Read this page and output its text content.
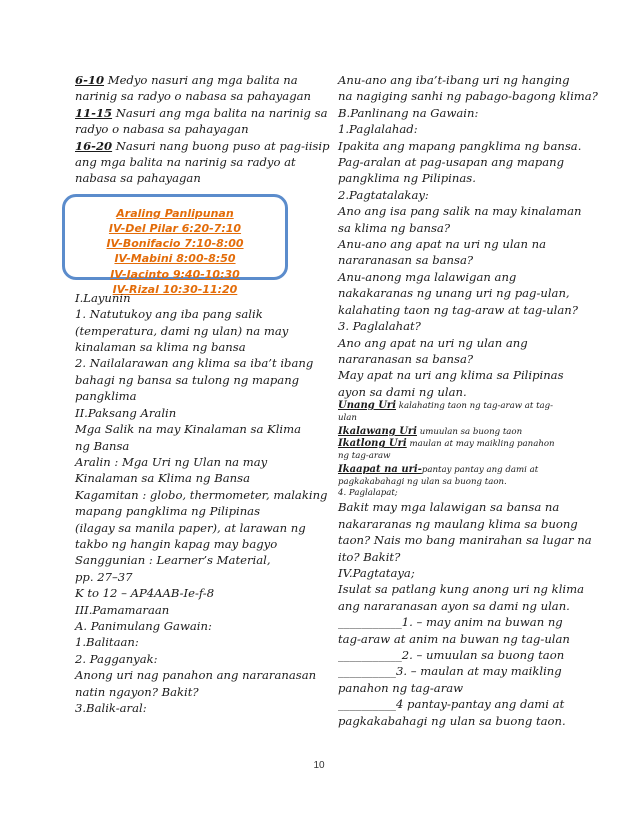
6-10 Medyo nasuri ang mga balita na
narinig sa radyo o nabasa sa pahayagan
11-15 Nasuri ang mga balita na narinig sa
radyo o nabasa sa pahayagan
16-20 Nasuri nang buong puso at pag-iisip
ang mga balita na narinig sa radyo at
nabasa sa pahayagan
Araling Panlipunan
IV-Del Pilar 6:20-7:10
IV-Bonifacio 7:10-8:00
IV-Mabini 8:00-8:50
IV-Jacinto 9:40-10:30
IV-Rizal 10:30-11:20
I.Layunin
1. Natutukoy ang iba pang salik
(temperatura, dami ng ulan) na may
kinalaman sa klima ng bansa
2. Nailalarawan ang klima sa iba’t ibang
bahagi ng bansa sa tulong ng mapang
pangklima
II.Paksang Aralin
Mga Salik na may Kinalaman sa Klima
ng Bansa
Aralin : Mga Uri ng Ulan na may
Kinalaman sa Klima ng Bansa
Kagamitan : globo, thermometer, malaking
mapang pangklima ng Pilipinas
(ilagay sa manila paper), at larawan ng
takbo ng hangin kapag may bagyo
Sanggunian : Learner’s Material,
pp. 27–37
K to 12 – AP4AAB-Ie-f-8
III.Pamamaraan
A. Panimulang Gawain:
1.Balitaan:
2. Pagganyak:
Anong uri nag panahon ang nararanasan
natin ngayon? Bakit?
3.Balik-aral:
Anu-ano ang iba’t-ibang uri ng hanging
na nagiging sanhi ng pabago-bagong klima?
B.Panlinang na Gawain:
1.Paglalahad:
Ipakita ang mapang pangklima ng bansa.
Pag-aralan at pag-usapan ang mapang
pangklima ng Pilipinas.
2.Pagtatalakay:
Ano ang isa pang salik na may kinalaman
sa klima ng bansa?
Anu-ano ang apat na uri ng ulan na
nararanasan sa bansa?
Anu-anong mga lalawigan ang
nakakaranas ng unang uri ng pag-ulan,
kalahating taon ng tag-araw at tag-ulan?
3. Paglalahat?
Ano ang apat na uri ng ulan ang
nararanasan sa bansa?
May apat na uri ang klima sa Pilipinas
ayon sa dami ng ulan.
Unang Uri kalahating taon ng tag-araw at tag-
ulan
Ikalawang Uri umuulan sa buong taon
Ikatlong Uri maulan at may maikling panahon
ng tag-araw
Ikaapat na uri-pantay pantay ang dami at
pagkakabahagi ng ulan sa buong taon.
4. Paglalapat;
Bakit may mga lalawigan sa bansa na
nakararanas ng maulang klima sa buong
taon? Nais mo bang manirahan sa lugar na
ito? Bakit?
IV.Pagtataya;
Isulat sa patlang kung anong uri ng klima
ang nararanasan ayon sa dami ng ulan.
___________1. – may anim na buwan ng
tag-araw at anim na buwan ng tag-ulan
___________2. – umuulan sa buong taon
__________3. – maulan at may maikling
panahon ng tag-araw
__________4 pantay-pantay ang dami at
pagkakabahagi ng ulan sa buong taon.
10
